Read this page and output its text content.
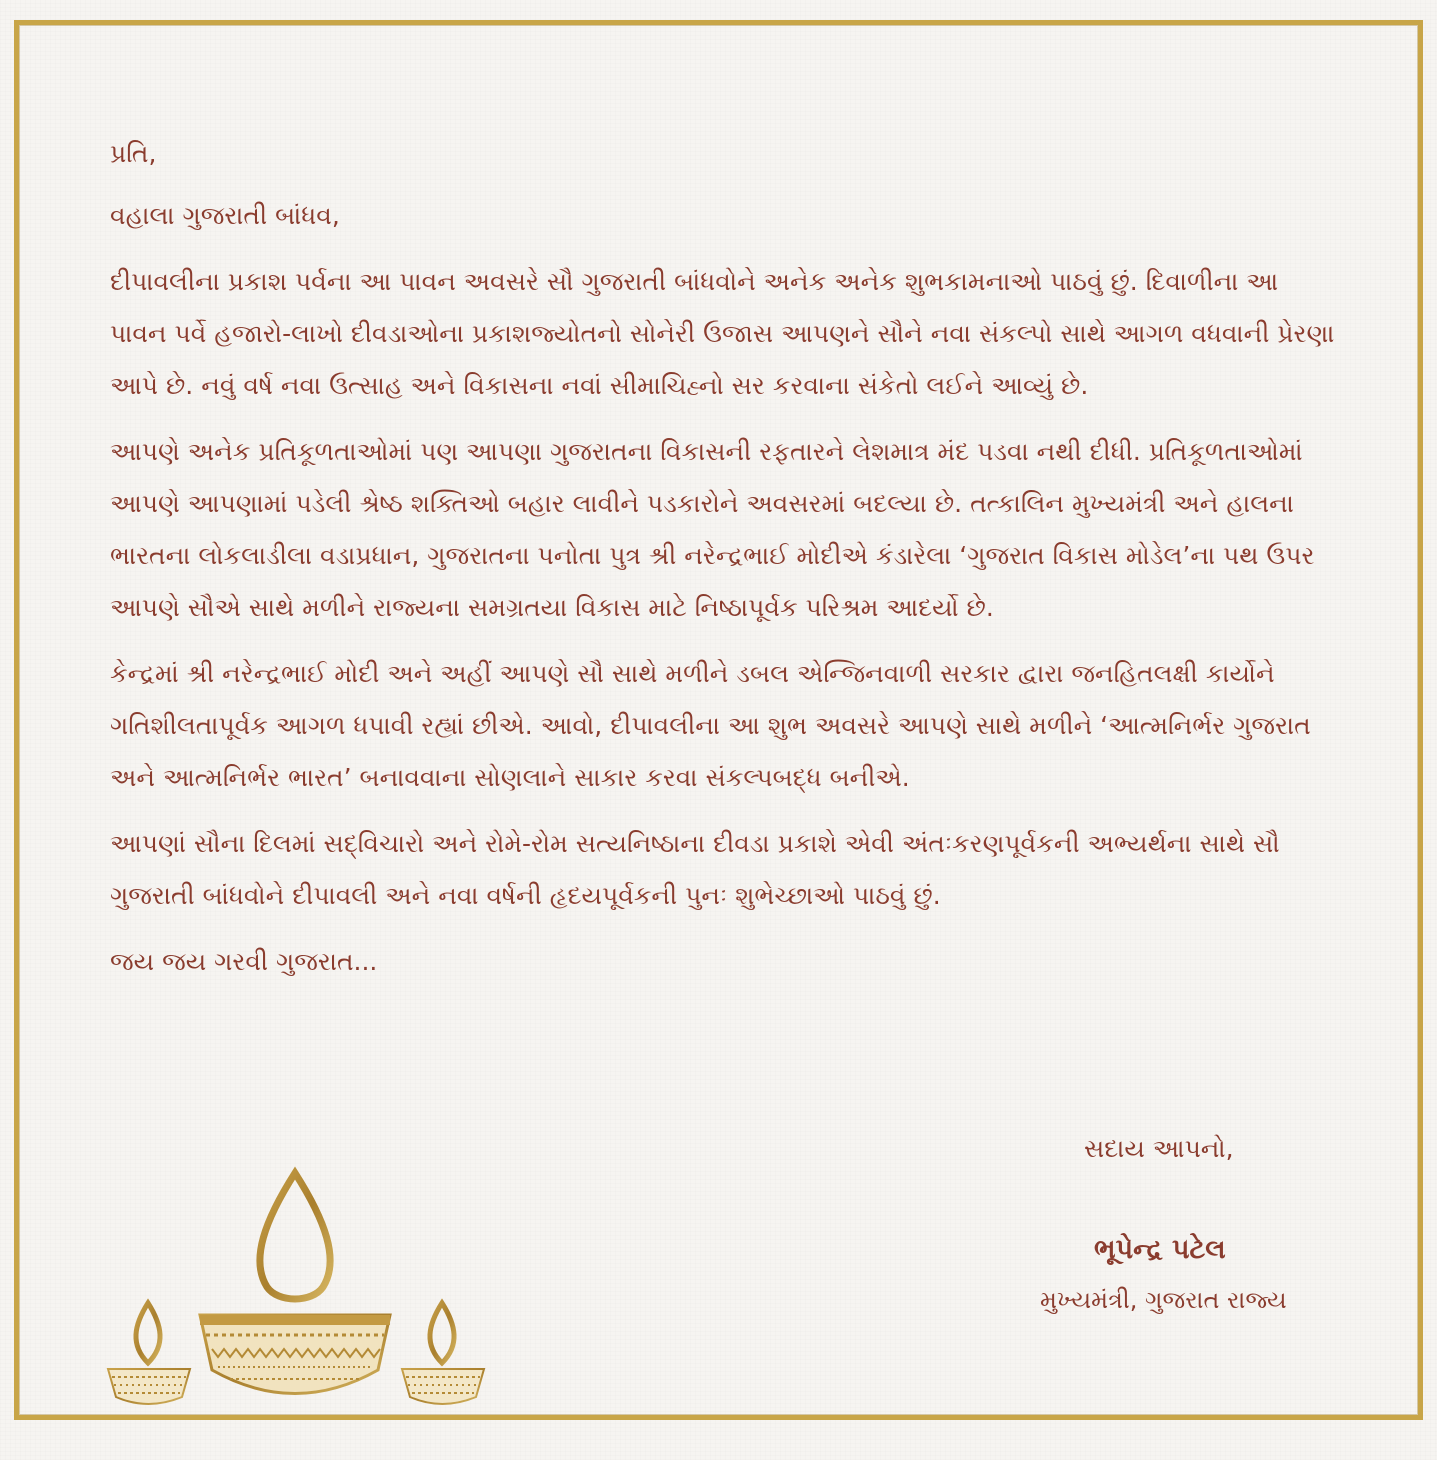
પ્રતિ,

વહાલા ગુજરાતી બાંધવ,

દીપાવલીના પ્રકાશ પર્વના આ પાવન અવસરે સૌ ગુજરાતી બાંધવોને અનેક અનેક શુભકામનાઓ પાઠવું છું. દિવાળીના આ પાવન પર્વે હજારો-લાખો દીવડાઓના પ્રકાશજ્યોતનો સોનેરી ઉજાસ આપણને સૌને નવા સંકલ્પો સાથે આગળ વધવાની પ્રેરણા આપે છે. નવું વર્ષ નવા ઉત્સાહ અને વિકાસના નવાં સીમાચિહ્નો સર કરવાના સંકેતો લઈને આવ્યું છે.

આપણે અનેક પ્રતિકૂળતાઓમાં પણ આપણા ગુજરાતના વિકાસની રફતારને લેશમાત્ર મંદ પડવા નથી દીધી. પ્રતિકૂળતાઓમાં આપણે આપણામાં પડેલી શ્રેષ્ઠ શક્તિઓ બહાર લાવીને પડકારોને અવસરમાં બદલ્યા છે. તત્કાલિન મુખ્યમંત્રી અને હાલના ભારતના લોકલાડીલા વડાપ્રધાન, ગુજરાતના પનોતા પુત્ર શ્રી નરેન્દ્રભાઈ મોદીએ કંડારેલા ‘ગુજરાત વિકાસ મોડેલ’ના પથ ઉપર આપણે સૌએ સાથે મળીને રાજ્યના સમગ્રતયા વિકાસ માટે નિષ્ઠાપૂર્વક પરિશ્રમ આદર્યો છે.

કેન્દ્રમાં શ્રી નરેન્દ્રભાઈ મોદી અને અહીં આપણે સૌ સાથે મળીને ડબલ એન્જિનવાળી સરકાર દ્વારા જનહિતલક્ષી કાર્યોને ગતિશીલતાપૂર્વક આગળ ધપાવી રહ્યાં છીએ. આવો, દીપાવલીના આ શુભ અવસરે આપણે સાથે મળીને ‘આત્મનિર્ભર ગુજરાત અને આત્મનિર્ભર ભારત’ બનાવવાના સોણલાને સાકાર કરવા સંકલ્પબદ્ધ બનીએ.

આપણાં સૌના દિલમાં સદ્‌વિચારો અને રોમે-રોમ સત્યનિષ્ઠાના દીવડા પ્રકાશે એવી અંતઃકરણપૂર્વકની અભ્યર્થના સાથે સૌ ગુજરાતી બાંધવોને દીપાવલી અને નવા વર્ષની હૃદયપૂર્વકની પુનઃ શુભેચ્છાઓ પાઠવું છું.

જય જય ગરવી ગુજરાત...

સદાય આપનો,
ભૂપેન્દ્ર પટેલ
મુખ્યમંત્રી, ગુજરાત રાજ્ય
